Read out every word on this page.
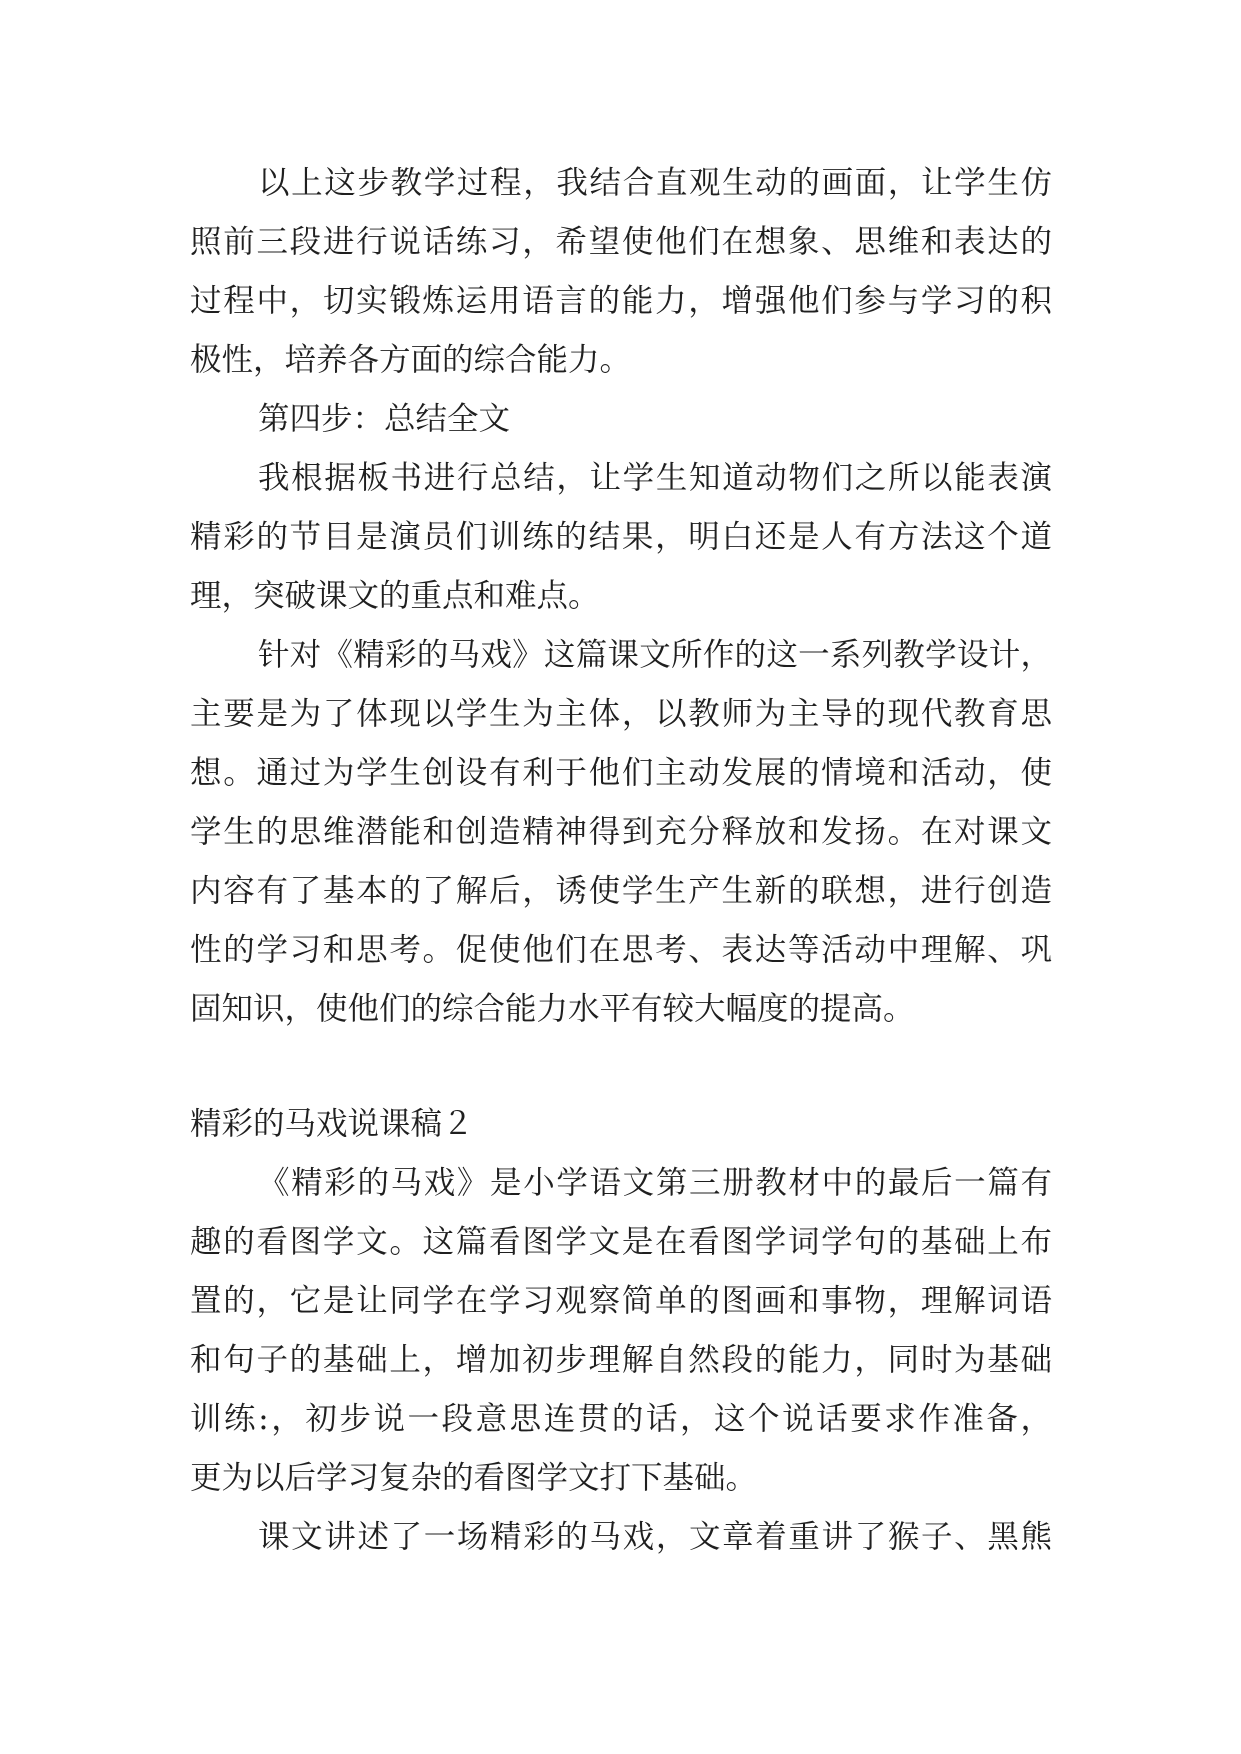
以上这步教学过程，我结合直观生动的画面，让学生仿

照前三段进行说话练习，希望使他们在想象、思维和表达的

过程中，切实锻炼运用语言的能力，增强他们参与学习的积

极性，培养各方面的综合能力。

第四步：总结全文

我根据板书进行总结，让学生知道动物们之所以能表演

精彩的节目是演员们训练的结果，明白还是人有方法这个道

理，突破课文的重点和难点。

针对《精彩的马戏》这篇课文所作的这一系列教学设计，

主要是为了体现以学生为主体，以教师为主导的现代教育思

想。通过为学生创设有利于他们主动发展的情境和活动，使

学生的思维潜能和创造精神得到充分释放和发扬。在对课文

内容有了基本的了解后，诱使学生产生新的联想，进行创造

性的学习和思考。促使他们在思考、表达等活动中理解、巩

固知识，使他们的综合能力水平有较大幅度的提高。

精彩的马戏说课稿２

《精彩的马戏》是小学语文第三册教材中的最后一篇有

趣的看图学文。这篇看图学文是在看图学词学句的基础上布

置的，它是让同学在学习观察简单的图画和事物，理解词语

和句子的基础上，增加初步理解自然段的能力，同时为基础

训练:，初步说一段意思连贯的话，这个说话要求作准备，

更为以后学习复杂的看图学文打下基础。

课文讲述了一场精彩的马戏，文章着重讲了猴子、黑熊
